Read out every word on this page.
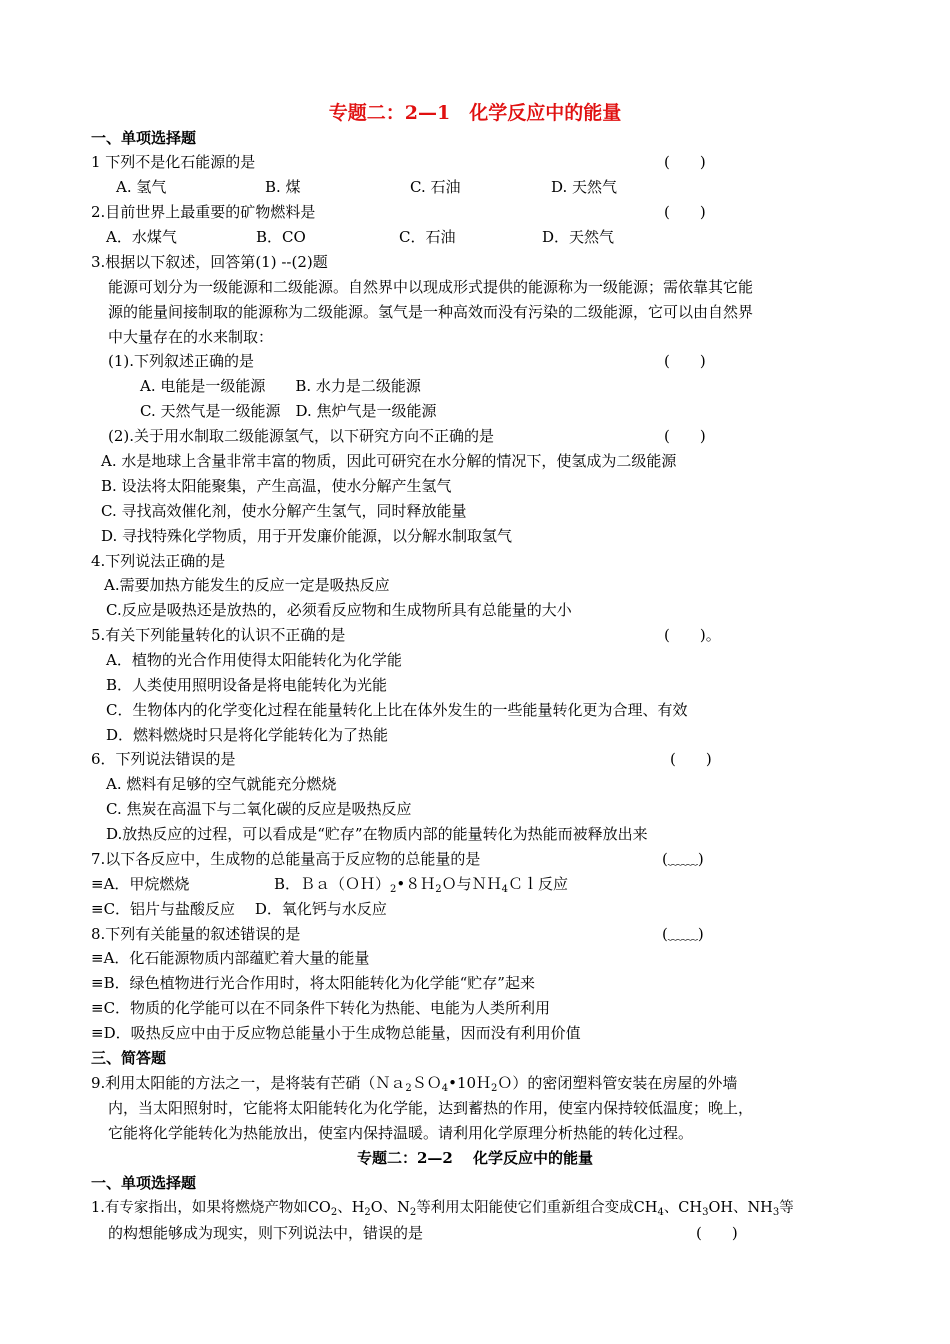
专题二：2—1　化学反应中的能量
一、单项选择题
1 下列不是化石能源的是	(　　)
A. 氢气	B. 煤	C. 石油	D. 天然气
2.目前世界上最重要的矿物燃料是	(　　)
A．水煤气	B．CO	C．石油	D．天然气
3.根据以下叙述，回答第(1) --(2)题
能源可划分为一级能源和二级能源。自然界中以现成形式提供的能源称为一级能源；需依靠其它能
源的能量间接制取的能源称为二级能源。氢气是一种高效而没有污染的二级能源，它可以由自然界
中大量存在的水来制取：
(1).下列叙述正确的是	(　　)
A. 电能是一级能源　　B. 水力是二级能源
C. 天然气是一级能源　D. 焦炉气是一级能源
(2).关于用水制取二级能源氢气，以下研究方向不正确的是	(　　)
A. 水是地球上含量非常丰富的物质，因此可研究在水分解的情况下，使氢成为二级能源
B. 设法将太阳能聚集，产生高温，使水分解产生氢气
C. 寻找高效催化剂，使水分解产生氢气，同时释放能量
D. 寻找特殊化学物质，用于开发廉价能源，以分解水制取氢气
4.下列说法正确的是
A.需要加热方能发生的反应一定是吸热反应
C.反应是吸热还是放热的，必须看反应物和生成物所具有总能量的大小
5.有关下列能量转化的认识不正确的是	(　　)。
A．植物的光合作用使得太阳能转化为化学能
B．人类使用照明设备是将电能转化为光能
C．生物体内的化学变化过程在能量转化上比在体外发生的一些能量转化更为合理、有效
D．燃料燃烧时只是将化学能转化为了热能
6．下列说法错误的是	(　　)
A. 燃料有足够的空气就能充分燃烧
C. 焦炭在高温下与二氧化碳的反应是吸热反应
D.放热反应的过程，可以看成是“贮存”在物质内部的能量转化为热能而被释放出来
7.以下各反应中，生成物的总能量高于反应物的总能量的是	(﹏﹏)
≡A．甲烷燃烧	B．$Ba(OH)_2•8H_2O$与ＮＨ$_4$Ｃｌ反应
≡C．铝片与盐酸反应　 D．氧化钙与水反应
8.下列有关能量的叙述错误的是	(﹏﹏)
≡A．化石能源物质内部蕴贮着大量的能量
≡B．绿色植物进行光合作用时，将太阳能转化为化学能“贮存”起来
≡C．物质的化学能可以在不同条件下转化为热能、电能为人类所利用
≡D．吸热反应中由于反应物总能量小于生成物总能量，因而没有利用价值
三、简答题
9.利用太阳能的方法之一，是将装有芒硝（Ｎａ$_2$ＳＯ$_4$•10Ｈ$_2$Ｏ）的密闭塑料管安装在房屋的外墙
内，当太阳照射时，它能将太阳能转化为化学能，达到蓄热的作用，使室内保持较低温度；晚上，
它能将化学能转化为热能放出，使室内保持温暖。请利用化学原理分析热能的转化过程。
专题二：2—2　 化学反应中的能量
一、单项选择题
1.有专家指出，如果将燃烧产物如$CO_2$、$H_2O$、$N_2$等利用太阳能使它们重新组合变成$CH_4$、$CH_3OH$、$NH_3$等
的构想能够成为现实，则下列说法中，错误的是	(　　)
